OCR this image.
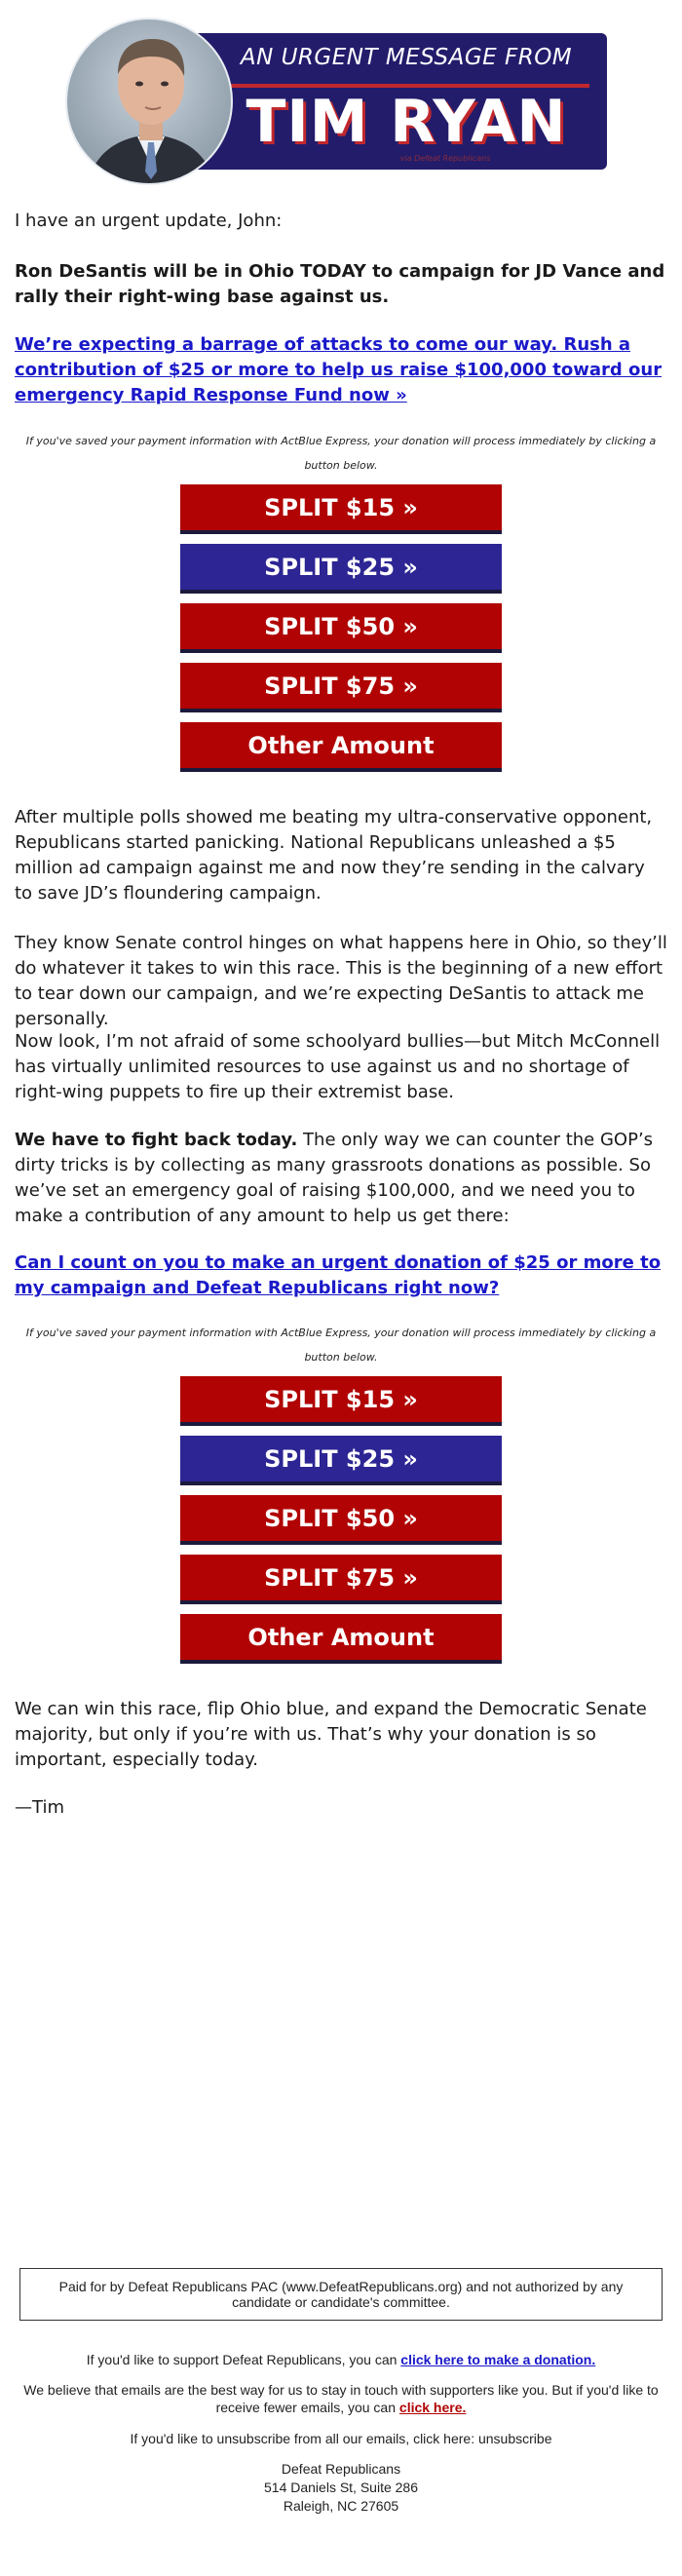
AN URGENT MESSAGE FROM
TIM RYAN
via Defeat Republicans
I have an urgent update, John:
Ron DeSantis will be in Ohio TODAY to campaign for JD Vance and rally their right-wing base against us.
We’re expecting a barrage of attacks to come our way. Rush a contribution of $25 or more to help us raise $100,000 toward our emergency Rapid Response Fund now »
If you've saved your payment information with ActBlue Express, your donation will process immediately by clicking a button below.
SPLIT $15 »
SPLIT $25 »
SPLIT $50 »
SPLIT $75 »
Other Amount
After multiple polls showed me beating my ultra-conservative opponent, Republicans started panicking. National Republicans unleashed a $5 million ad campaign against me and now they’re sending in the calvary to save JD’s floundering campaign.
They know Senate control hinges on what happens here in Ohio, so they’ll do whatever it takes to win this race. This is the beginning of a new effort to tear down our campaign, and we’re expecting DeSantis to attack me personally.
Now look, I’m not afraid of some schoolyard bullies—but Mitch McConnell has virtually unlimited resources to use against us and no shortage of right-wing puppets to fire up their extremist base.
We have to fight back today. The only way we can counter the GOP’s dirty tricks is by collecting as many grassroots donations as possible. So we’ve set an emergency goal of raising $100,000, and we need you to make a contribution of any amount to help us get there:
Can I count on you to make an urgent donation of $25 or more to my campaign and Defeat Republicans right now?
If you've saved your payment information with ActBlue Express, your donation will process immediately by clicking a button below.
SPLIT $15 »
SPLIT $25 »
SPLIT $50 »
SPLIT $75 »
Other Amount
We can win this race, flip Ohio blue, and expand the Democratic Senate majority, but only if you’re with us. That’s why your donation is so important, especially today.
—Tim
Paid for by Defeat Republicans PAC (www.DefeatRepublicans.org) and not authorized by any candidate or candidate's committee.
If you'd like to support Defeat Republicans, you can click here to make a donation.
We believe that emails are the best way for us to stay in touch with supporters like you. But if you'd like to receive fewer emails, you can click here.
If you'd like to unsubscribe from all our emails, click here: unsubscribe
Defeat Republicans
514 Daniels St, Suite 286
Raleigh, NC 27605
